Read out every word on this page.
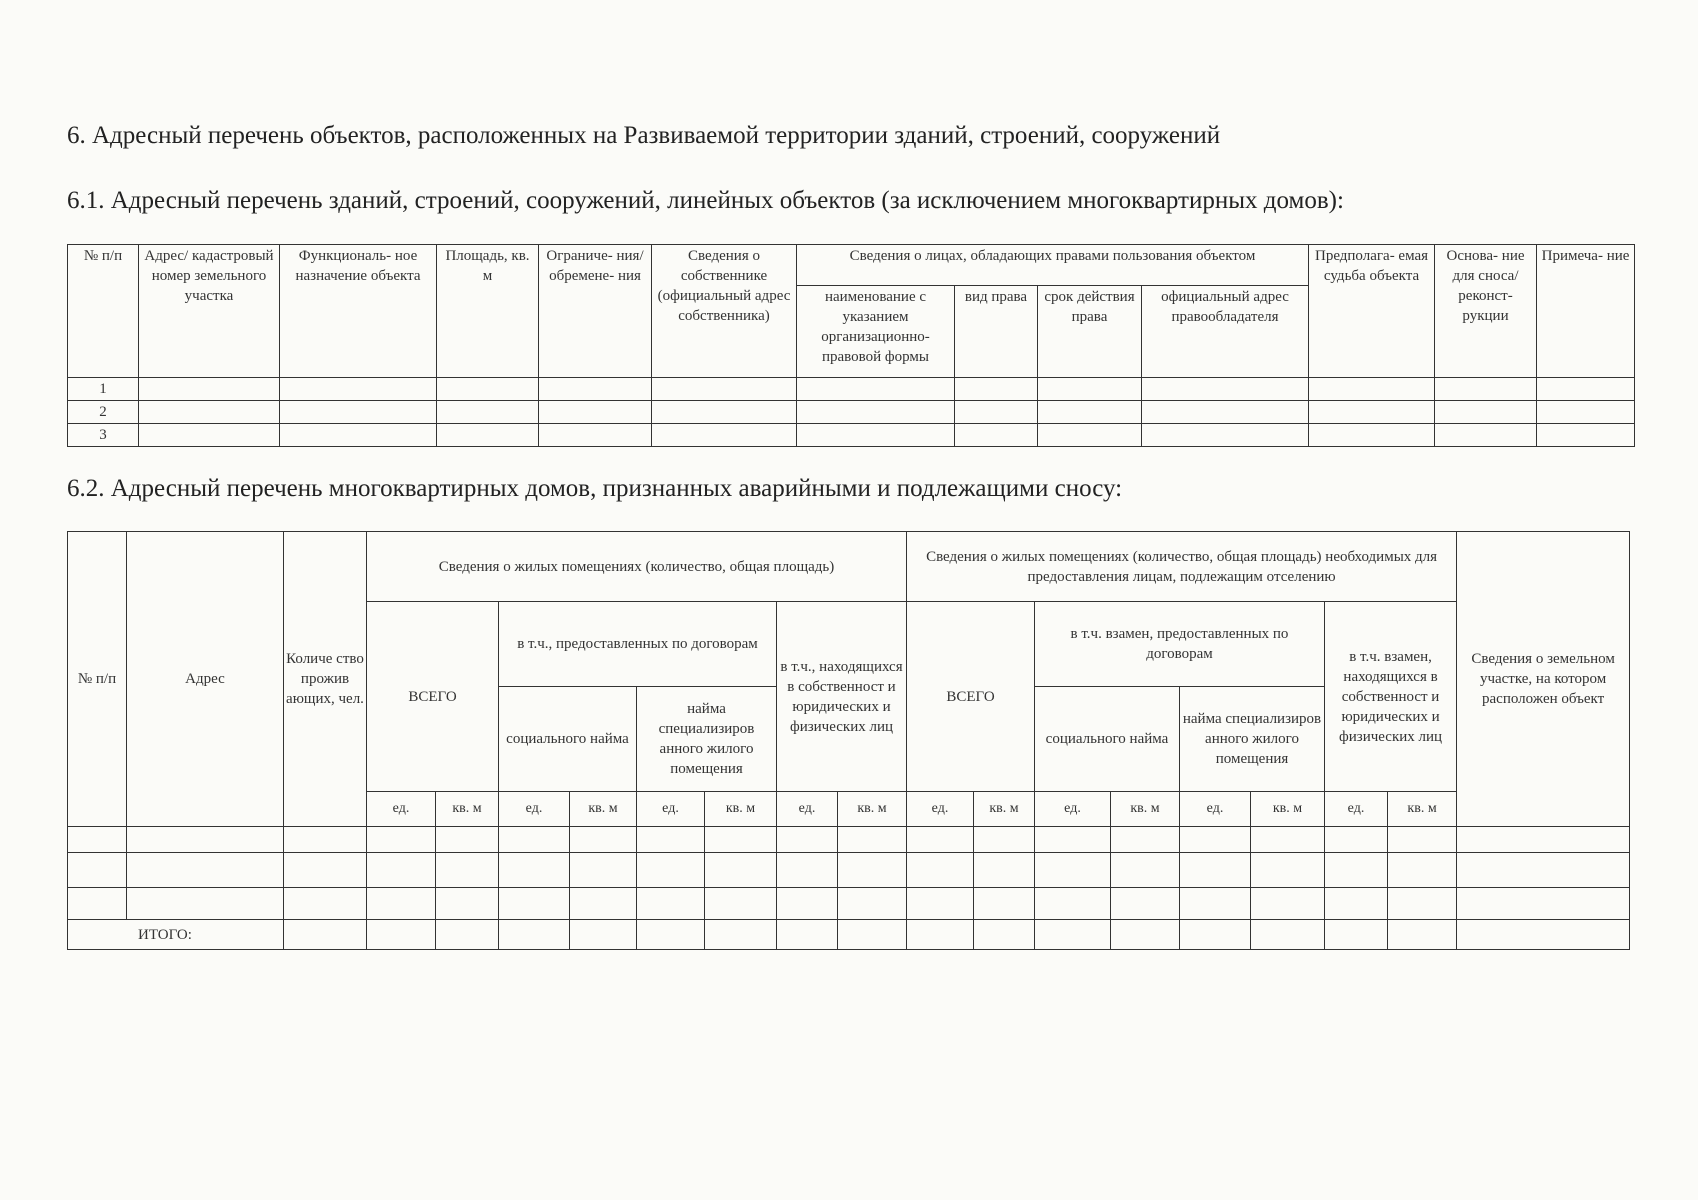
6. Адресный перечень объектов, расположенных на Развиваемой территории зданий, строений, сооружений
6.1. Адресный перечень зданий, строений, сооружений, линейных объектов (за исключением многоквартирных домов):
№ п/п	Адрес/ кадастровый номер земельного участка	Функциональ- ное назначение объекта	Площадь, кв. м	Ограниче- ния/ обремене- ния	Сведения о собственнике (официальный адрес собственника)	Сведения о лицах, обладающих правами пользования объектом				Предполага- емая судьба объекта	Основа- ние для сноса/ реконст- рукции	Примеча- ние
						наименование с указанием организационно- правовой формы	вид права	срок действия права	официальный адрес правообладателя			
1												
2												
3												
6.2. Адресный перечень многоквартирных домов, признанных аварийными и подлежащими сносу:
№ п/п	Адрес	Количе ство прожив ающих, чел.	Сведения о жилых помещениях (количество, общая площадь)								Сведения о жилых помещениях (количество, общая площадь) необходимых для предоставления лицам, подлежащим отселению								Сведения о земельном участке, на котором расположен объект
			ВСЕГО		в т.ч., предоставленных по договорам				в т.ч., находящихся в собственност и юридических и физических лиц		ВСЕГО		в т.ч. взамен, предоставленных по договорам				в т.ч. взамен, находящихся в собственност и юридических и физических лиц		
					социального найма		найма специализиров анного жилого помещения						социального найма		найма специализиров анного жилого помещения				
			ед.	кв. м	ед.	кв. м	ед.	кв. м	ед.	кв. м	ед.	кв. м	ед.	кв. м	ед.	кв. м	ед.	кв. м	

ИТОГО:																			
